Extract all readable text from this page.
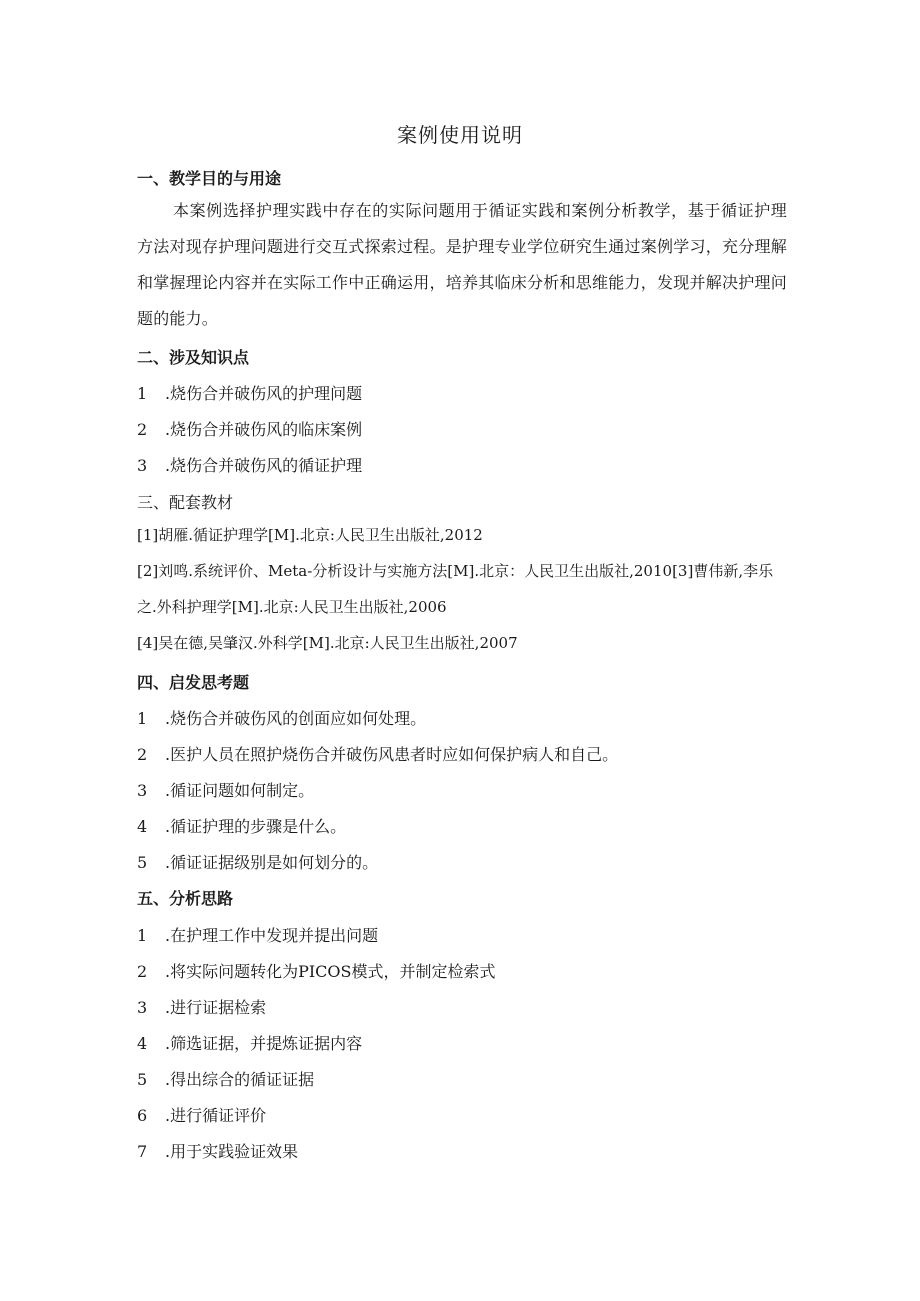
案例使用说明
一、教学目的与用途
本案例选择护理实践中存在的实际问题用于循证实践和案例分析教学，基于循证护理方法对现存护理问题进行交互式探索过程。是护理专业学位研究生通过案例学习，充分理解和掌握理论内容并在实际工作中正确运用，培养其临床分析和思维能力，发现并解决护理问题的能力。
二、涉及知识点
1 .烧伤合并破伤风的护理问题
2 .烧伤合并破伤风的临床案例
3 .烧伤合并破伤风的循证护理
三、配套教材
[1]胡雁.循证护理学[M].北京:人民卫生出版社,2012
[2]刘鸣.系统评价、Meta-分析设计与实施方法[M].北京：人民卫生出版社,2010[3]曹伟新,李乐之.外科护理学[M].北京:人民卫生出版社,2006
[4]吴在德,吴肇汉.外科学[M].北京:人民卫生出版社,2007
四、启发思考题
1 .烧伤合并破伤风的创面应如何处理。
2 .医护人员在照护烧伤合并破伤风患者时应如何保护病人和自己。
3 .循证问题如何制定。
4 .循证护理的步骤是什么。
5 .循证证据级别是如何划分的。
五、分析思路
1 .在护理工作中发现并提出问题
2 .将实际问题转化为PICOS模式，并制定检索式
3 .进行证据检索
4 .筛选证据，并提炼证据内容
5 .得出综合的循证证据
6 .进行循证评价
7 .用于实践验证效果
